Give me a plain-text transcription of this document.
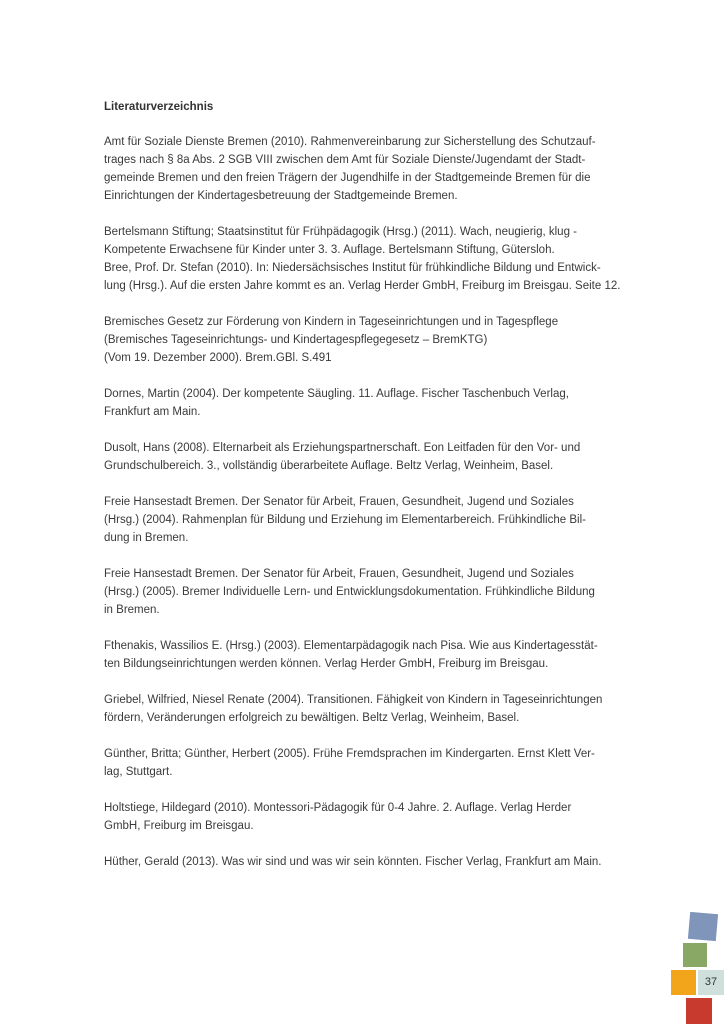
Literaturverzeichnis

Amt für Soziale Dienste Bremen (2010). Rahmenvereinbarung zur Sicherstellung des Schutzauf-
trages nach § 8a Abs. 2 SGB VIII zwischen dem Amt für Soziale Dienste/Jugendamt der Stadt-
gemeinde Bremen und den freien Trägern der Jugendhilfe in der Stadtgemeinde Bremen für die
Einrichtungen der Kindertagesbetreuung der Stadtgemeinde Bremen.

Bertelsmann Stiftung; Staatsinstitut für Frühpädagogik (Hrsg.) (2011). Wach, neugierig, klug -
Kompetente Erwachsene für Kinder unter 3. 3. Auflage. Bertelsmann Stiftung, Gütersloh.
Bree, Prof. Dr. Stefan (2010). In: Niedersächsisches Institut für frühkindliche Bildung und Entwick-
lung (Hrsg.). Auf die ersten Jahre kommt es an. Verlag Herder GmbH, Freiburg im Breisgau. Seite 12.

Bremisches Gesetz zur Förderung von Kindern in Tageseinrichtungen und in Tagespflege
(Bremisches Tageseinrichtungs- und Kindertagespflegegesetz – BremKTG)
(Vom 19. Dezember 2000). Brem.GBl. S.491

Dornes, Martin (2004). Der kompetente Säugling. 11. Auflage. Fischer Taschenbuch Verlag,
Frankfurt am Main.

Dusolt, Hans (2008). Elternarbeit als Erziehungspartnerschaft. Eon Leitfaden für den Vor- und
Grundschulbereich. 3., vollständig überarbeitete Auflage. Beltz Verlag, Weinheim, Basel.

Freie Hansestadt Bremen. Der Senator für Arbeit, Frauen, Gesundheit, Jugend und Soziales
(Hrsg.) (2004). Rahmenplan für Bildung und Erziehung im Elementarbereich. Frühkindliche Bil-
dung in Bremen.

Freie Hansestadt Bremen. Der Senator für Arbeit, Frauen, Gesundheit, Jugend und Soziales
(Hrsg.) (2005). Bremer Individuelle Lern- und Entwicklungsdokumentation. Frühkindliche Bildung
in Bremen.

Fthenakis, Wassilios E. (Hrsg.) (2003). Elementarpädagogik nach Pisa. Wie aus Kindertagesstät-
ten Bildungseinrichtungen werden können. Verlag Herder GmbH, Freiburg im Breisgau.

Griebel, Wilfried, Niesel Renate (2004). Transitionen. Fähigkeit von Kindern in Tageseinrichtungen
fördern, Veränderungen erfolgreich zu bewältigen. Beltz Verlag, Weinheim, Basel.

Günther, Britta; Günther, Herbert (2005). Frühe Fremdsprachen im Kindergarten. Ernst Klett Ver-
lag, Stuttgart.

Holtstiege, Hildegard (2010). Montessori-Pädagogik für 0-4 Jahre. 2. Auflage. Verlag Herder
GmbH, Freiburg im Breisgau.

Hüther, Gerald (2013). Was wir sind und was wir sein könnten. Fischer Verlag, Frankfurt am Main.

37
